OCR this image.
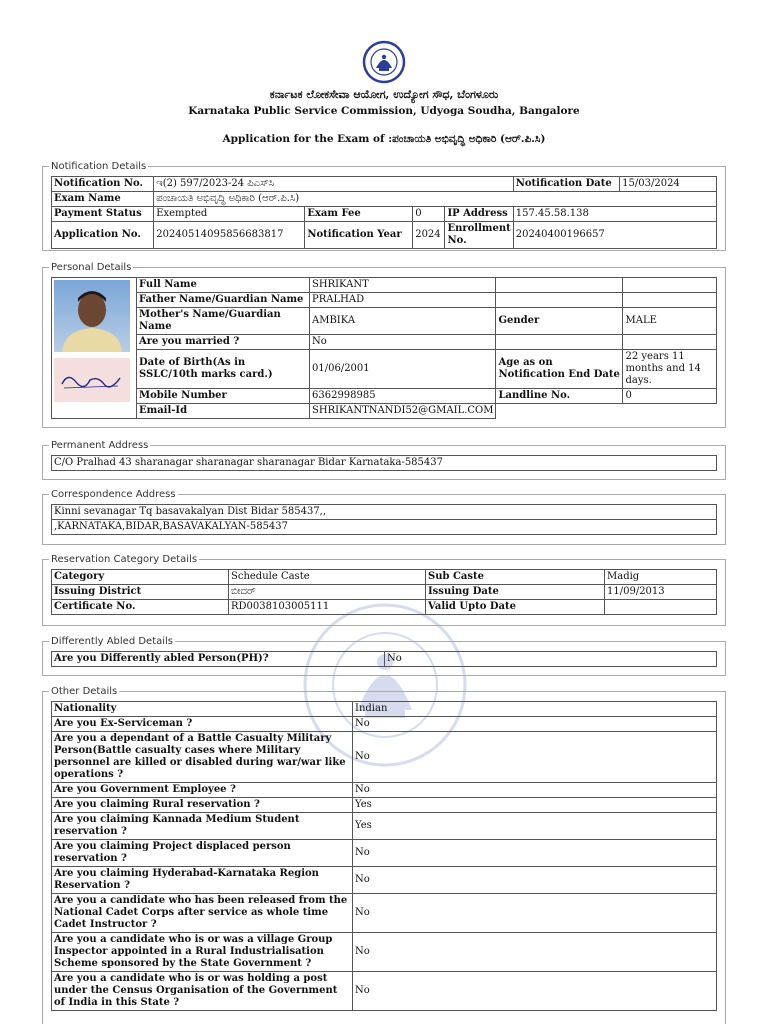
ಕರ್ನಾಟಕ ಲೋಕಸೇವಾ ಆಯೋಗ, ಉದ್ಯೋಗ ಸೌಧ, ಬೆಂಗಳೂರು
Karnataka Public Service Commission, Udyoga Soudha, Bangalore
Application for the Exam of :ಪಂಚಾಯತಿ ಅಭಿವೃದ್ಧಿ ಅಧಿಕಾರಿ (ಆರ್.ಪಿ.ಸಿ)
Notification Details
Notification No.	ಇ(2) 597/2023-24 ಪಿಎಸ್‌ಸಿ				Notification Date	15/03/2024
Exam Name	ಪಂಚಾಯತಿ ಅಭಿವೃದ್ಧಿ ಅಧಿಕಾರಿ (ಆರ್.ಪಿ.ಸಿ)					
Payment Status	Exempted	Exam Fee	0	IP Address	157.45.58.138	
Application No.	20240514095856683817	Notification Year	2024	Enrollment No.	20240400196657	
Personal Details
	Full Name	SHRIKANT		
	Father Name/Guardian Name	PRALHAD		
	Mother's Name/Guardian Name	AMBIKA	Gender	MALE
	Are you married ?	No		
	Date of Birth(As in SSLC/10th marks card.)	01/06/2001	Age as on Notification End Date	22 years 11 months and 14 days.
	Mobile Number	6362998985	Landline No.	0
	Email-Id	SHRIKANTNANDI52@GMAIL.COM		
Permanent Address
C/O Pralhad 43 sharanagar sharanagar sharanagar Bidar Karnataka-585437
Correspondence Address
Kinni sevanagar Tq basavakalyan Dist Bidar 585437,,
,KARNATAKA,BIDAR,BASAVAKALYAN-585437
Reservation Category Details
Category	Schedule Caste	Sub Caste	Madig
Issuing District	ಬೀದರ್	Issuing Date	11/09/2013
Certificate No.	RD0038103005111	Valid Upto Date	
Differently Abled Details
Are you Differently abled Person(PH)?	No
Other Details
Nationality	Indian
Are you Ex-Serviceman ?	No
Are you a dependant of a Battle Casualty Military Person(Battle casualty cases where Military personnel are killed or disabled during war/war like operations ?	No
Are you Government Employee ?	No
Are you claiming Rural reservation ?	Yes
Are you claiming Kannada Medium Student reservation ?	Yes
Are you claiming Project displaced person reservation ?	No
Are you claiming Hyderabad-Karnataka Region Reservation ?	No
Are you a candidate who has been released from the National Cadet Corps after service as whole time Cadet Instructor ?	No
Are you a candidate who is or was a village Group Inspector appointed in a Rural Industrialisation Scheme sponsored by the State Government ?	No
Are you a candidate who is or was holding a post under the Census Organisation of the Government of India in this State ?	No
